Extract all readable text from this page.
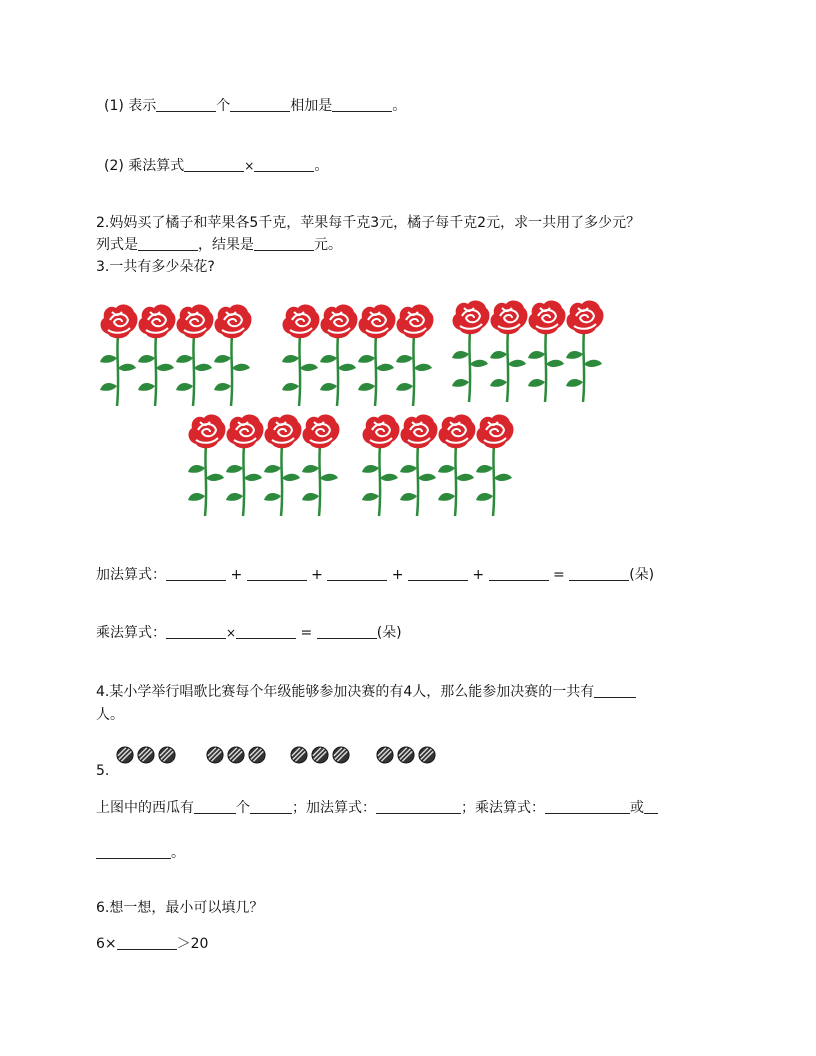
(1) 表示	个	相加是	。
(2) 乘法算式	×	。
2.妈妈买了橘子和苹果各5千克，苹果每千克3元，橘子每千克2元，求一共用了多少元？
列式是	，结果是	元。
3.一共有多少朵花?
加法算式：	+	+	+	+	=	(朵)
乘法算式：	×	=	(朵)
4.某小学举行唱歌比赛每个年级能够参加决赛的有4人，那么能参加决赛的一共有
人。
5.
上图中的西瓜有	个	；加法算式：	；乘法算式：	或
。
6.想一想，最小可以填几？
6×	＞20
